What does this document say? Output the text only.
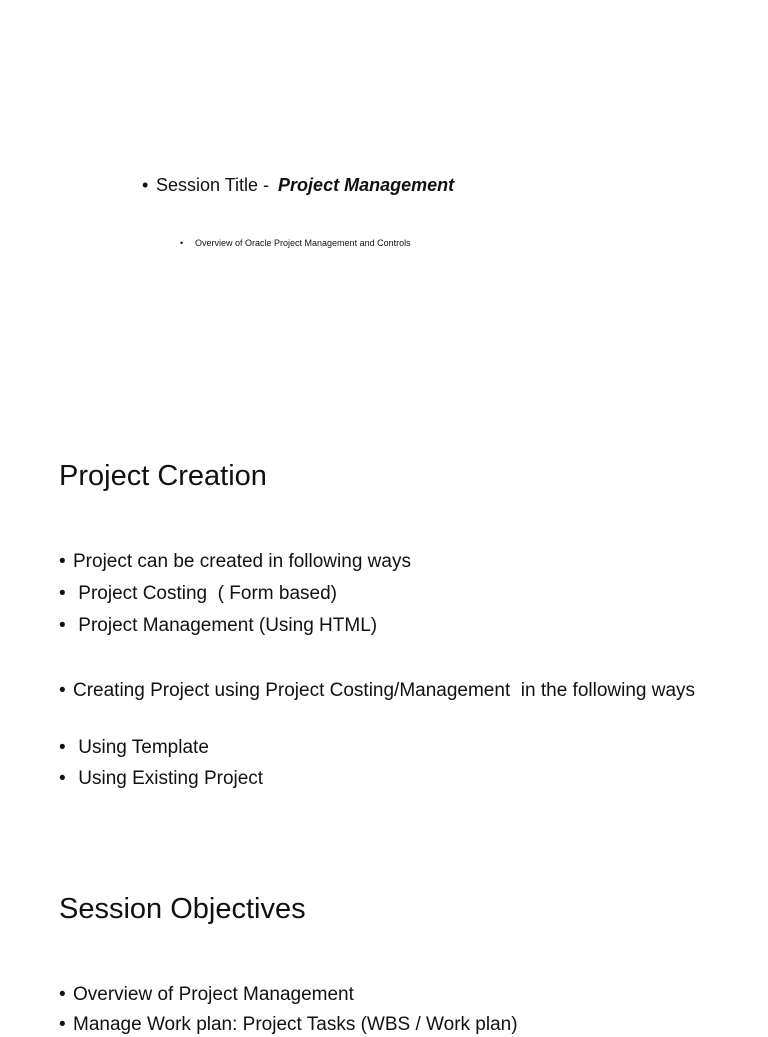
• Session Title - Project Management
•	Overview of Oracle Project Management and Controls
Project Creation
• Project can be created in following ways
• Project Costing  ( Form based)
• Project Management (Using HTML)
• Creating Project using Project Costing/Management  in the following ways
• Using Template
• Using Existing Project
Session Objectives
• Overview of Project Management
• Manage Work plan: Project Tasks (WBS / Work plan)
